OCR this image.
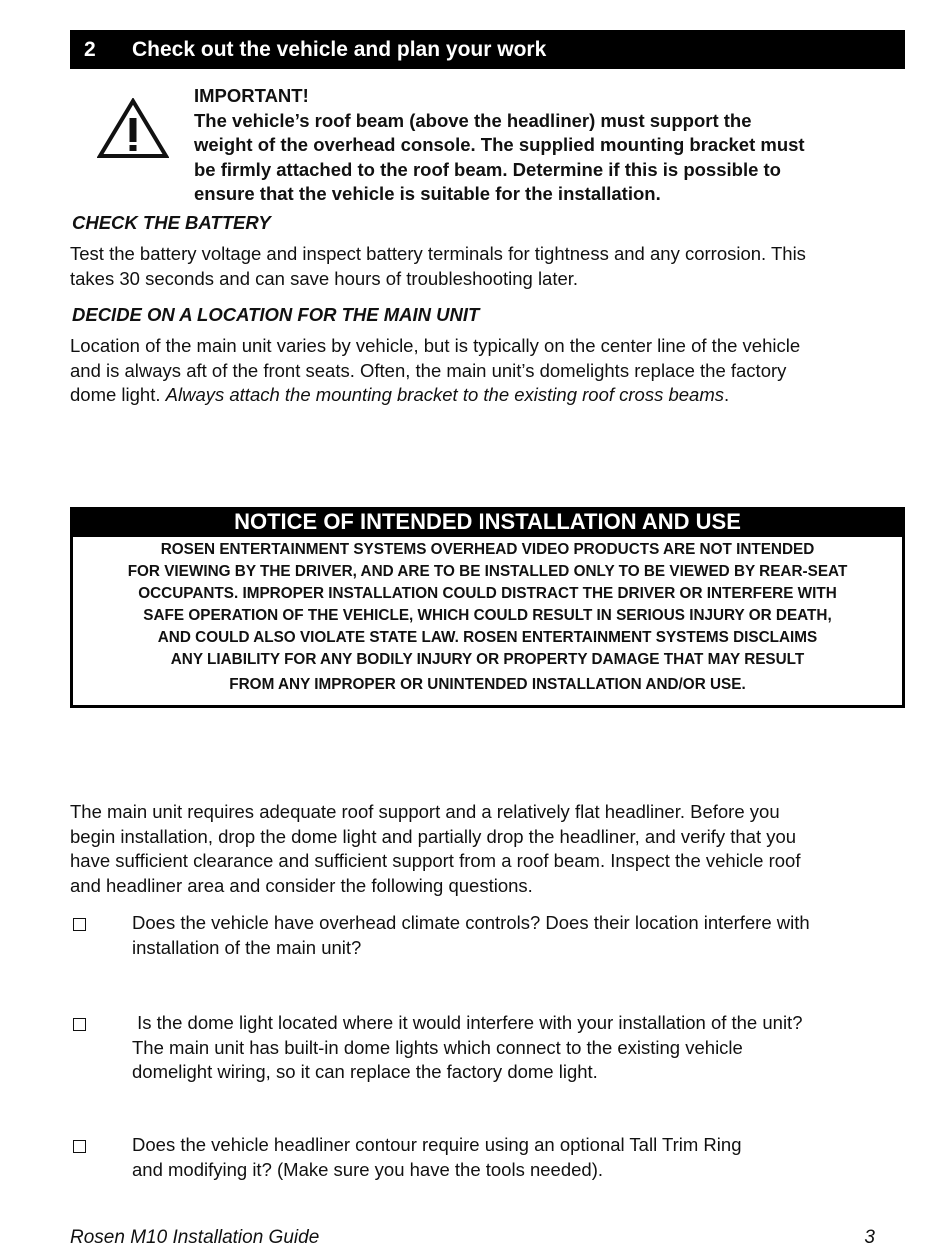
2	Check out the vehicle and plan your work
IMPORTANT!
The vehicle’s roof beam (above the headliner) must support the
weight of the overhead console. The supplied mounting bracket must
be firmly attached to the roof beam. Determine if this is possible to
ensure that the vehicle is suitable for the installation.
CHECK THE BATTERY
Test the battery voltage and inspect battery terminals for tightness and any corrosion. This
takes 30 seconds and can save hours of troubleshooting later.
DECIDE ON A LOCATION FOR THE MAIN UNIT
Location of the main unit varies by vehicle, but is typically on the center line of the vehicle
and is always aft of the front seats. Often, the main unit’s domelights replace the factory
dome light. Always attach the mounting bracket to the existing roof cross beams.
NOTICE OF INTENDED INSTALLATION AND USE
ROSEN ENTERTAINMENT SYSTEMS OVERHEAD VIDEO PRODUCTS ARE NOT INTENDED
FOR VIEWING BY THE DRIVER, AND ARE TO BE INSTALLED ONLY TO BE VIEWED BY REAR-SEAT
OCCUPANTS. IMPROPER INSTALLATION COULD DISTRACT THE DRIVER OR INTERFERE WITH
SAFE OPERATION OF THE VEHICLE, WHICH COULD RESULT IN SERIOUS INJURY OR DEATH,
AND COULD ALSO VIOLATE STATE LAW. ROSEN ENTERTAINMENT SYSTEMS DISCLAIMS
ANY LIABILITY FOR ANY BODILY INJURY OR PROPERTY DAMAGE THAT MAY RESULT
FROM ANY IMPROPER OR UNINTENDED INSTALLATION AND/OR USE.
The main unit requires adequate roof support and a relatively flat headliner. Before you
begin installation, drop the dome light and partially drop the headliner, and verify that you
have sufficient clearance and sufficient support from a roof beam. Inspect the vehicle roof
and headliner area and consider the following questions.
Does the vehicle have overhead climate controls? Does their location interfere with
installation of the main unit?
Is the dome light located where it would interfere with your installation of the unit?
The main unit has built-in dome lights which connect to the existing vehicle
domelight wiring, so it can replace the factory dome light.
Does the vehicle headliner contour require using an optional Tall Trim Ring
and modifying it? (Make sure you have the tools needed).
Rosen M10 Installation Guide	3
